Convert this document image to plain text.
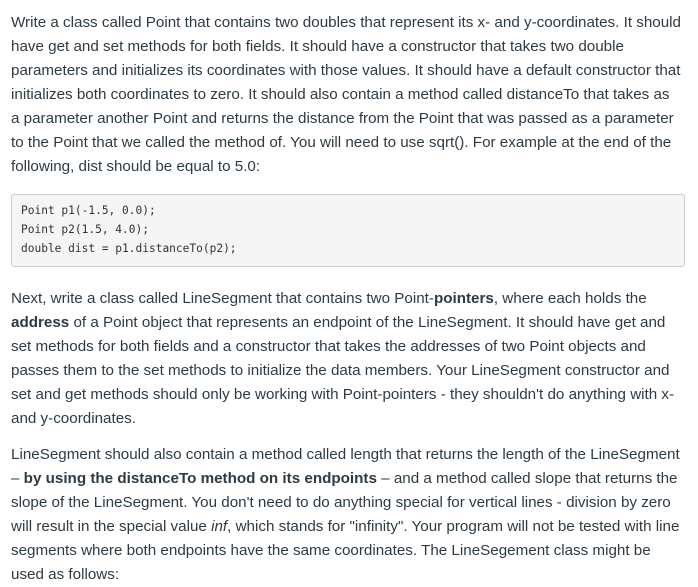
Write a class called Point that contains two doubles that represent its x- and y-coordinates. It should have get and set methods for both fields. It should have a constructor that takes two double parameters and initializes its coordinates with those values. It should have a default constructor that initializes both coordinates to zero. It should also contain a method called distanceTo that takes as a parameter another Point and returns the distance from the Point that was passed as a parameter to the Point that we called the method of. You will need to use sqrt(). For example at the end of the following, dist should be equal to 5.0:

Point p1(-1.5, 0.0);
Point p2(1.5, 4.0);
double dist = p1.distanceTo(p2);

Next, write a class called LineSegment that contains two Point-pointers, where each holds the address of a Point object that represents an endpoint of the LineSegment. It should have get and set methods for both fields and a constructor that takes the addresses of two Point objects and passes them to the set methods to initialize the data members. Your LineSegment constructor and set and get methods should only be working with Point-pointers - they shouldn't do anything with x- and y-coordinates.

LineSegment should also contain a method called length that returns the length of the LineSegment – by using the distanceTo method on its endpoints – and a method called slope that returns the slope of the LineSegment. You don't need to do anything special for vertical lines - division by zero will result in the special value inf, which stands for "infinity". Your program will not be tested with line segments where both endpoints have the same coordinates. The LineSegement class might be used as follows:
